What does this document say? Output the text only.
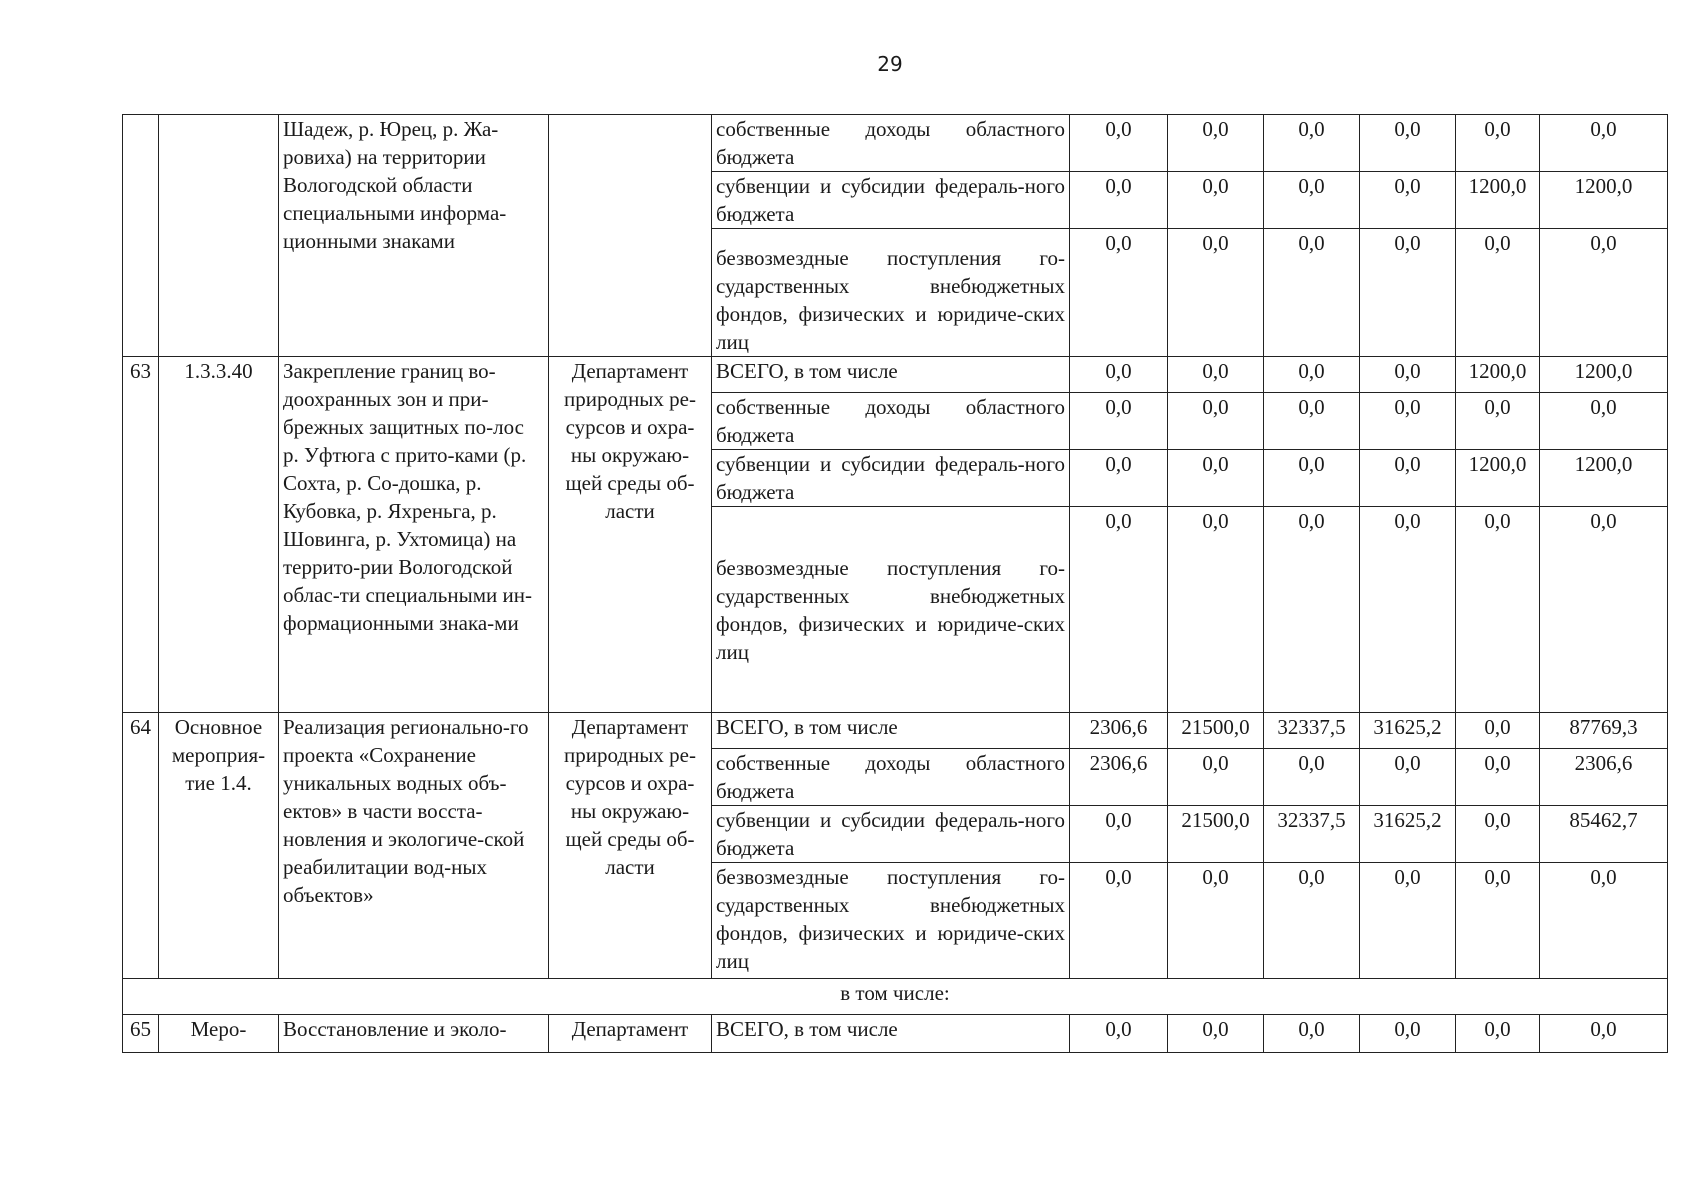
29
		Шадеж, р. Юрец, р. Жа-ровиха) на территории Вологодской области специальными информа-ционными знаками		собственные доходы областного бюджета	0,0	0,0	0,0	0,0	0,0	0,0
				субвенции и субсидии федераль-ного бюджета	0,0	0,0	0,0	0,0	1200,0	1200,0
				безвозмездные поступления го-сударственных внебюджетных фондов, физических и юридиче-ских лиц	0,0	0,0	0,0	0,0	0,0	0,0
63	1.3.3.40	Закрепление границ во-доохранных зон и при-брежных защитных по-лос р. Уфтюга с прито-ками (р. Сохта, р. Со-дошка, р. Кубовка, р. Яхреньга, р. Шовинга, р. Ухтомица) на террито-рии Вологодской облас-ти специальными ин-формационными знака-ми	Департамент природных ре-сурсов и охра-ны окружаю-щей среды об-ласти	ВСЕГО, в том числе	0,0	0,0	0,0	0,0	1200,0	1200,0
				собственные доходы областного бюджета	0,0	0,0	0,0	0,0	0,0	0,0
				субвенции и субсидии федераль-ного бюджета	0,0	0,0	0,0	0,0	1200,0	1200,0
				безвозмездные поступления го-сударственных внебюджетных фондов, физических и юридиче-ских лиц	0,0	0,0	0,0	0,0	0,0	0,0
64	Основное мероприя-тие 1.4.	Реализация регионально-го проекта «Сохранение уникальных водных объ-ектов» в части восста-новления и экологиче-ской реабилитации вод-ных объектов»	Департамент природных ре-сурсов и охра-ны окружаю-щей среды об-ласти	ВСЕГО, в том числе	2306,6	21500,0	32337,5	31625,2	0,0	87769,3
				собственные доходы областного бюджета	2306,6	0,0	0,0	0,0	0,0	2306,6
				субвенции и субсидии федераль-ного бюджета	0,0	21500,0	32337,5	31625,2	0,0	85462,7
				безвозмездные поступления го-сударственных внебюджетных фондов, физических и юридиче-ских лиц	0,0	0,0	0,0	0,0	0,0	0,0
в том числе:										
65	Меро-	Восстановление и эколо-	Департамент	ВСЕГО, в том числе	0,0	0,0	0,0	0,0	0,0	0,0
